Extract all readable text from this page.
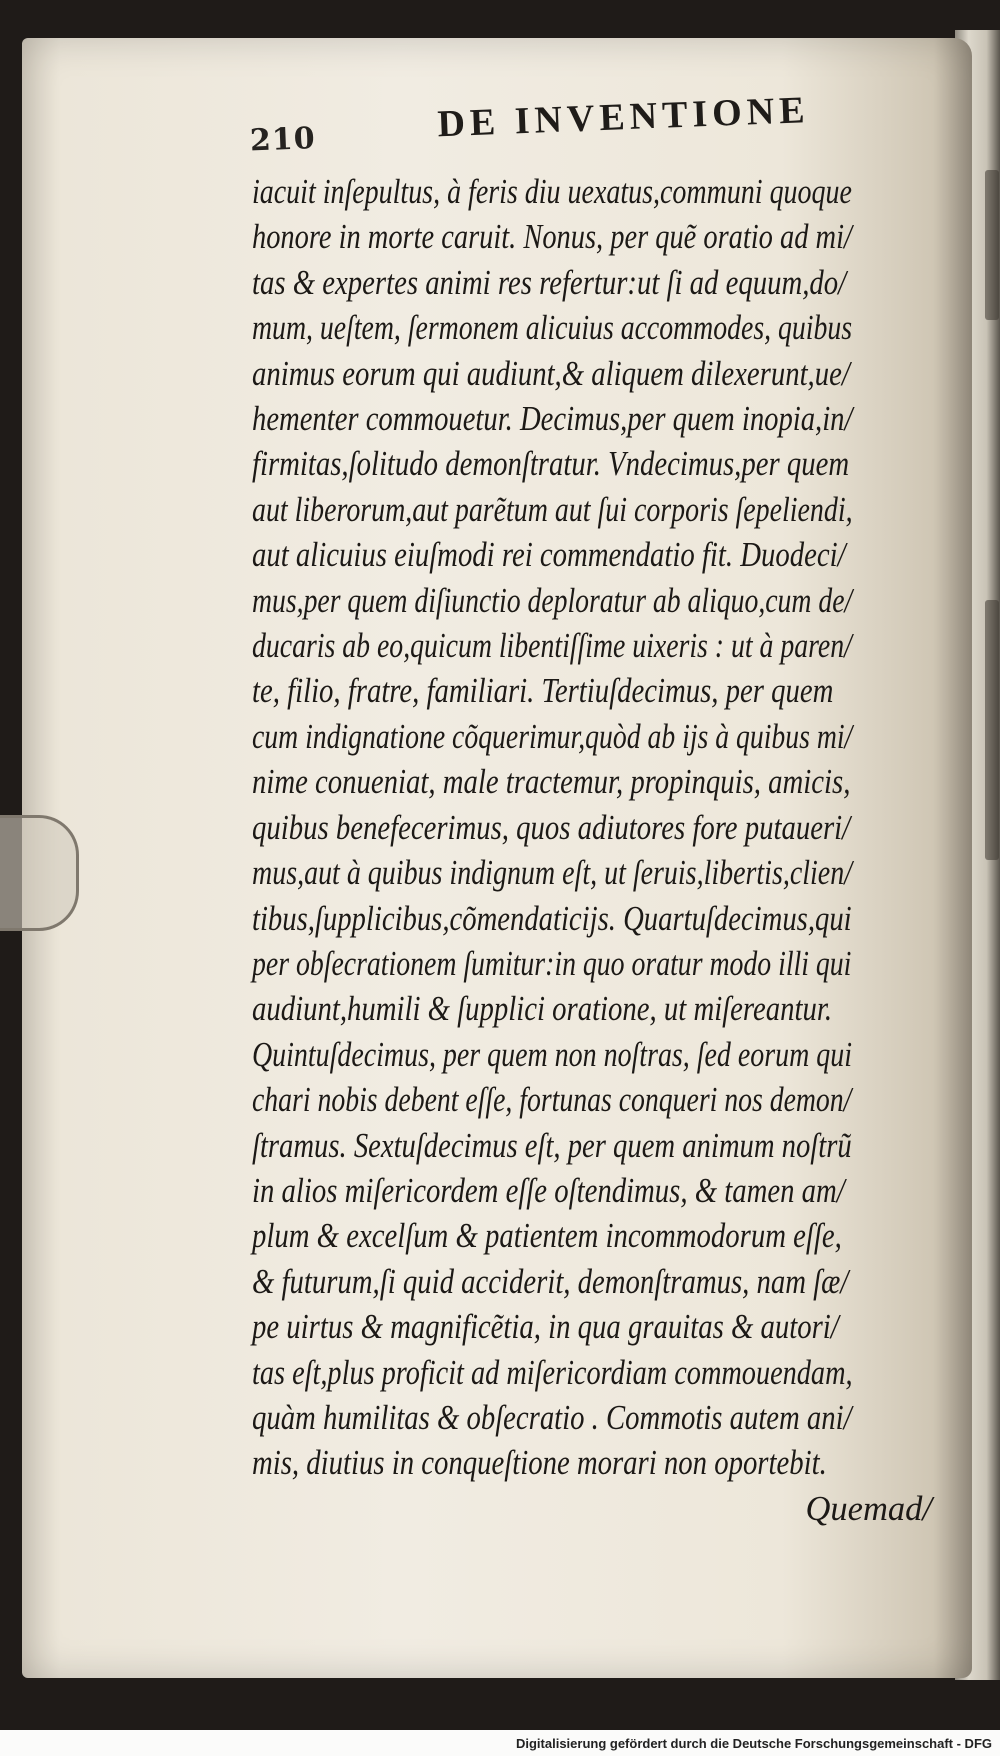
210	DE INVENTIONE
iacuit inſepultus, à feris diu uexatus,communi quoque
honore in morte caruit. Nonus, per quẽ oratio ad mi/
tas & expertes animi res refertur:ut ſi ad equum,do/
mum, ueſtem, ſermonem alicuius accommodes, quibus
animus eorum qui audiunt,& aliquem dilexerunt,ue/
hementer commouetur. Decimus,per quem inopia,in/
firmitas,ſolitudo demonſtratur. Vndecimus,per quem
aut liberorum,aut parẽtum aut ſui corporis ſepeliendi,
aut alicuius eiuſmodi rei commendatio fit. Duodeci/
mus,per quem diſiunctio deploratur ab aliquo,cum de/
ducaris ab eo,quicum libentiſſime uixeris : ut à paren/
te, filio, fratre, familiari. Tertiuſdecimus, per quem
cum indignatione cõquerimur,quòd ab ijs à quibus mi/
nime conueniat, male tractemur, propinquis, amicis,
quibus benefecerimus, quos adiutores fore putaueri/
mus,aut à quibus indignum eſt, ut ſeruis,libertis,clien/
tibus,ſupplicibus,cõmendaticijs. Quartuſdecimus,qui
per obſecrationem ſumitur:in quo oratur modo illi qui
audiunt,humili & ſupplici oratione, ut miſereantur.
Quintuſdecimus, per quem non noſtras, ſed eorum qui
chari nobis debent eſſe, fortunas conqueri nos demon/
ſtramus. Sextuſdecimus eſt, per quem animum noſtrũ
in alios miſericordem eſſe oſtendimus, & tamen am/
plum & excelſum & patientem incommodorum eſſe,
& futurum,ſi quid acciderit, demonſtramus, nam ſæ/
pe uirtus & magnificẽtia, in qua grauitas & autori/
tas eſt,plus proficit ad miſericordiam commouendam,
quàm humilitas & obſecratio . Commotis autem ani/
mis, diutius in conqueſtione morari non oportebit.
Quemad/
Digitalisierung gefördert durch die Deutsche Forschungsgemeinschaft - DFG
